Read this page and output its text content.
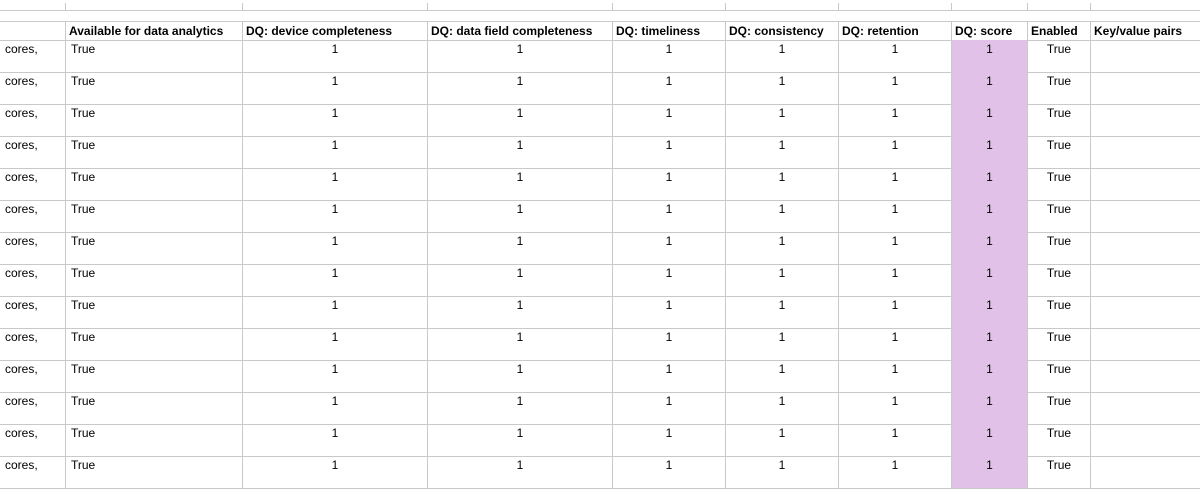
Available for data analytics	DQ: device completeness	DQ: data field completeness	DQ: timeliness	DQ: consistency	DQ: retention	DQ: score	Enabled	Key/value pairs
cores,	True	1	1	1	1	1	1	True
cores,	True	1	1	1	1	1	1	True
cores,	True	1	1	1	1	1	1	True
cores,	True	1	1	1	1	1	1	True
cores,	True	1	1	1	1	1	1	True
cores,	True	1	1	1	1	1	1	True
cores,	True	1	1	1	1	1	1	True
cores,	True	1	1	1	1	1	1	True
cores,	True	1	1	1	1	1	1	True
cores,	True	1	1	1	1	1	1	True
cores,	True	1	1	1	1	1	1	True
cores,	True	1	1	1	1	1	1	True
cores,	True	1	1	1	1	1	1	True
cores,	True	1	1	1	1	1	1	True
